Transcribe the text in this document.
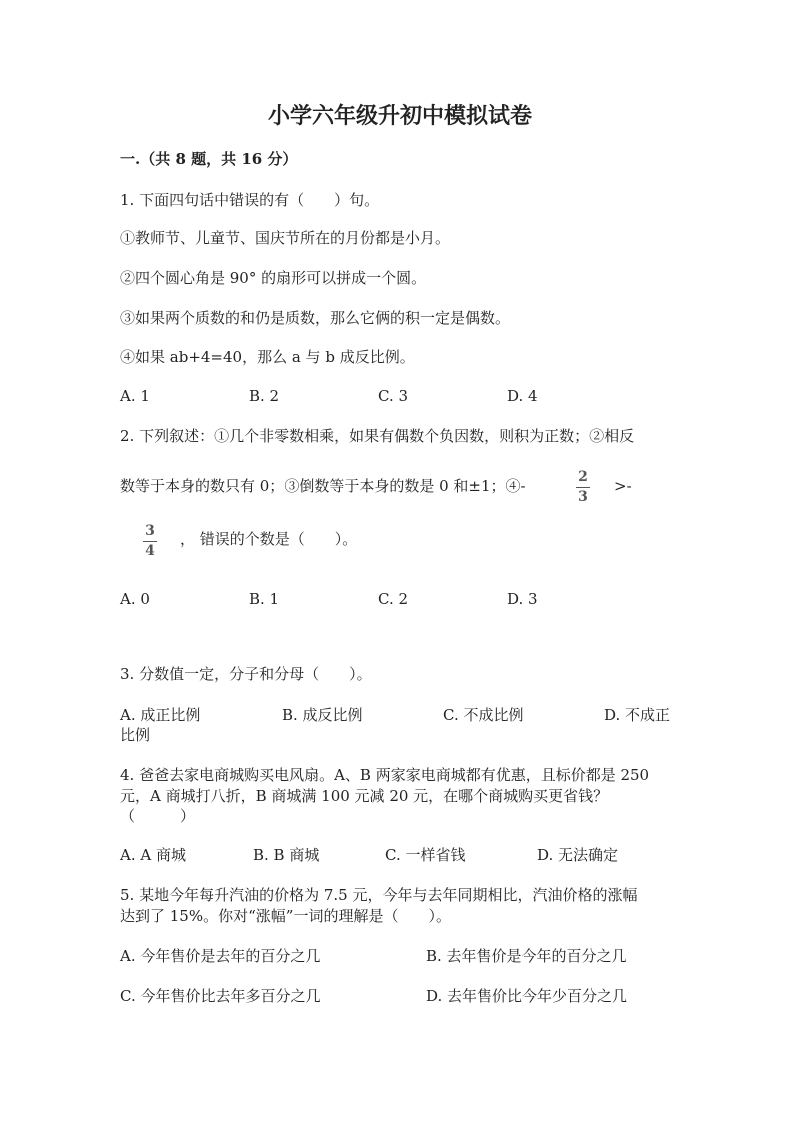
小学六年级升初中模拟试卷
一.（共 8 题，共 16 分）
1. 下面四句话中错误的有（　　）句。
①教师节、儿童节、国庆节所在的月份都是小月。
②四个圆心角是 90° 的扇形可以拼成一个圆。
③如果两个质数的和仍是质数，那么它俩的积一定是偶数。
④如果 ab+4=40，那么 a 与 b 成反比例。
A. 1	B. 2	C. 3	D. 4
2. 下列叙述：①几个非零数相乘，如果有偶数个负因数，则积为正数；②相反
数等于本身的数只有 0；③倒数等于本身的数是 0 和±1；④-	2
3
>-
3
4
， 错误的个数是（　　）。
A. 0	B. 1	C. 2	D. 3
3. 分数值一定，分子和分母（　　）。
A. 成正比例	B. 成反比例	C. 不成比例	D. 不成正
比例
4. 爸爸去家电商城购买电风扇。A、B 两家家电商城都有优惠，且标价都是 250
元，A 商城打八折，B 商城满 100 元减 20 元，在哪个商城购买更省钱？
（　　　）
A. A 商城	B. B 商城	C. 一样省钱	D. 无法确定
5. 某地今年每升汽油的价格为 7.5 元，今年与去年同期相比，汽油价格的涨幅
达到了 15%。你对“涨幅”一词的理解是（　　）。
A. 今年售价是去年的百分之几	B. 去年售价是今年的百分之几
C. 今年售价比去年多百分之几	D. 去年售价比今年少百分之几
